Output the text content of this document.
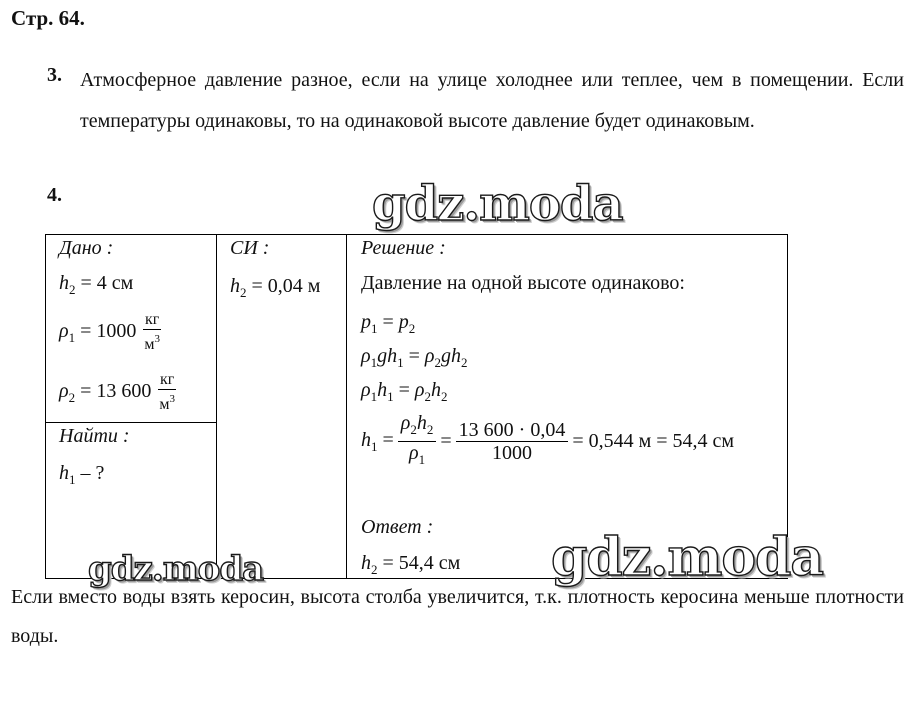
Стр. 64.
3. Атмосферное давление разное, если на улице холоднее или теплее, чем в помещении. Если температуры одинаковы, то на одинаковой высоте давление будет одинаковым.
4.	gdz.moda
Дано :
$h_2 = 4$ см
$\rho_1 = 1000 \frac{кг}{м^3}$
$\rho_2 = 13$ $600 \frac{кг}{м^3}$
Найти :
$h_1$ – ?
СИ :
$h_2 = 0,04$ м
Решение :
Давление на одной высоте одинаково:
$p_1 = p_2$
$\rho_1gh_1 = \rho_2gh_2$
$\rho_1h_1 = \rho_2h_2$
$h_1 = \frac{\rho_2h_2}{\rho_1} = \frac{13 600 \cdot 0,04}{1000} = 0,544$ м = 54,4 см
Ответ :
$h_2 = 54,4$ см
gdz.moda	gdz.moda
Если вместо воды взять керосин, высота столба увеличится, т.к. плотность керосина меньше плотности воды.
